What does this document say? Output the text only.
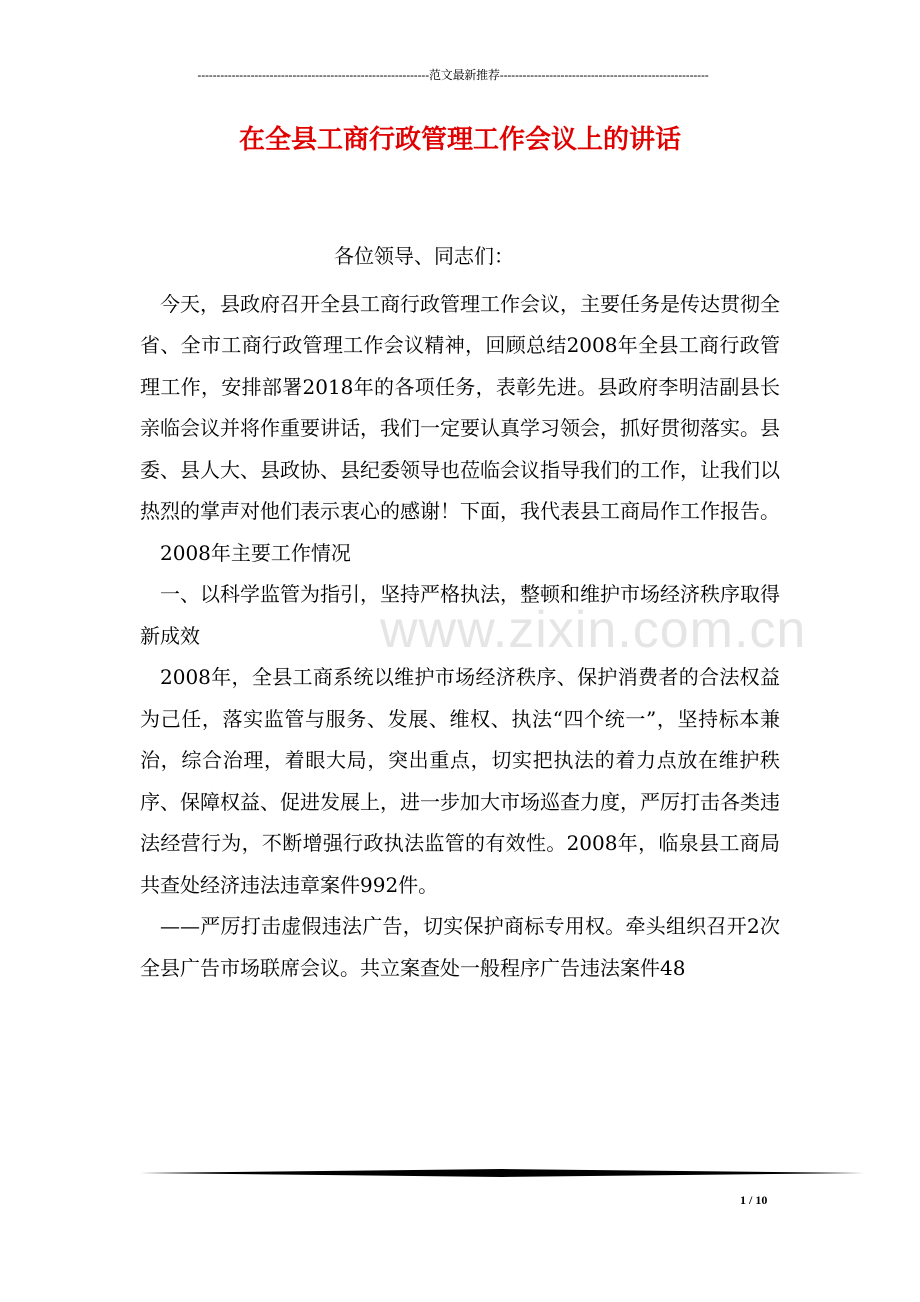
-------------------------------------------------------------范文最新推荐-------------------------------------------------------
在全县工商行政管理工作会议上的讲话

各位领导、同志们：

今天，县政府召开全县工商行政管理工作会议，主要任务是传达贯彻全省、全市工商行政管理工作会议精神，回顾总结2008年全县工商行政管理工作，安排部署2018年的各项任务，表彰先进。县政府李明洁副县长亲临会议并将作重要讲话，我们一定要认真学习领会，抓好贯彻落实。县委、县人大、县政协、县纪委领导也莅临会议指导我们的工作，让我们以热烈的掌声对他们表示衷心的感谢！下面，我代表县工商局作工作报告。

2008年主要工作情况

一、以科学监管为指引，坚持严格执法，整顿和维护市场经济秩序取得新成效

2008年，全县工商系统以维护市场经济秩序、保护消费者的合法权益为己任，落实监管与服务、发展、维权、执法“四个统一”，坚持标本兼治，综合治理，着眼大局，突出重点，切实把执法的着力点放在维护秩序、保障权益、促进发展上，进一步加大市场巡查力度，严厉打击各类违法经营行为，不断增强行政执法监管的有效性。2008年，临泉县工商局共查处经济违法违章案件992件。

——严厉打击虚假违法广告，切实保护商标专用权。牵头组织召开2次全县广告市场联席会议。共立案查处一般程序广告违法案件48

www.zixin.com.cn
1 / 10
